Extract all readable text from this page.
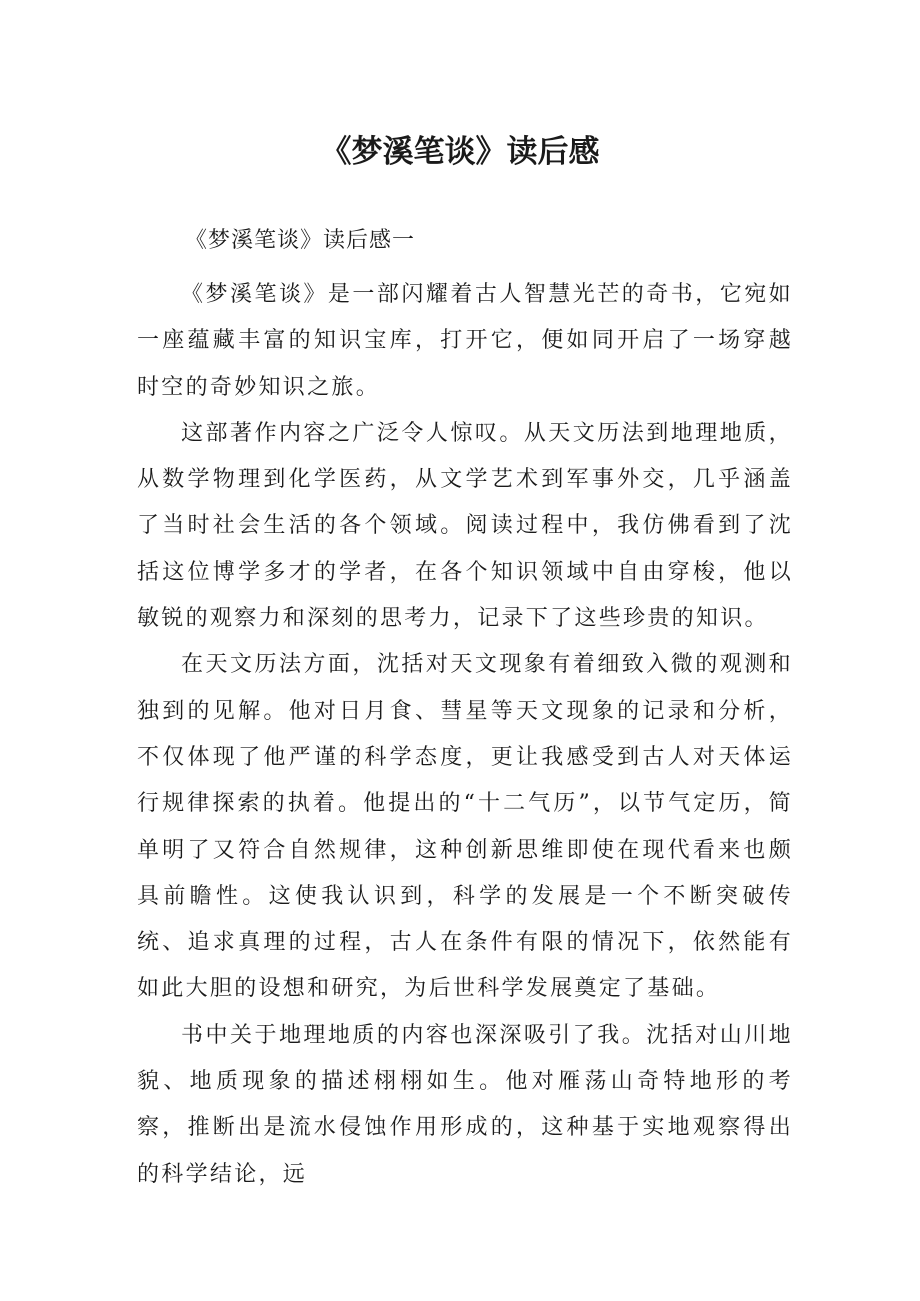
《梦溪笔谈》读后感

《梦溪笔谈》读后感一

《梦溪笔谈》是一部闪耀着古人智慧光芒的奇书，它宛如一座蕴藏丰富的知识宝库，打开它，便如同开启了一场穿越时空的奇妙知识之旅。

这部著作内容之广泛令人惊叹。从天文历法到地理地质，从数学物理到化学医药，从文学艺术到军事外交，几乎涵盖了当时社会生活的各个领域。阅读过程中，我仿佛看到了沈括这位博学多才的学者，在各个知识领域中自由穿梭，他以敏锐的观察力和深刻的思考力，记录下了这些珍贵的知识。

在天文历法方面，沈括对天文现象有着细致入微的观测和独到的见解。他对日月食、彗星等天文现象的记录和分析，不仅体现了他严谨的科学态度，更让我感受到古人对天体运行规律探索的执着。他提出的“十二气历”，以节气定历，简单明了又符合自然规律，这种创新思维即使在现代看来也颇具前瞻性。这使我认识到，科学的发展是一个不断突破传统、追求真理的过程，古人在条件有限的情况下，依然能有如此大胆的设想和研究，为后世科学发展奠定了基础。

书中关于地理地质的内容也深深吸引了我。沈括对山川地貌、地质现象的描述栩栩如生。他对雁荡山奇特地形的考察，推断出是流水侵蚀作用形成的，这种基于实地观察得出的科学结论，远
